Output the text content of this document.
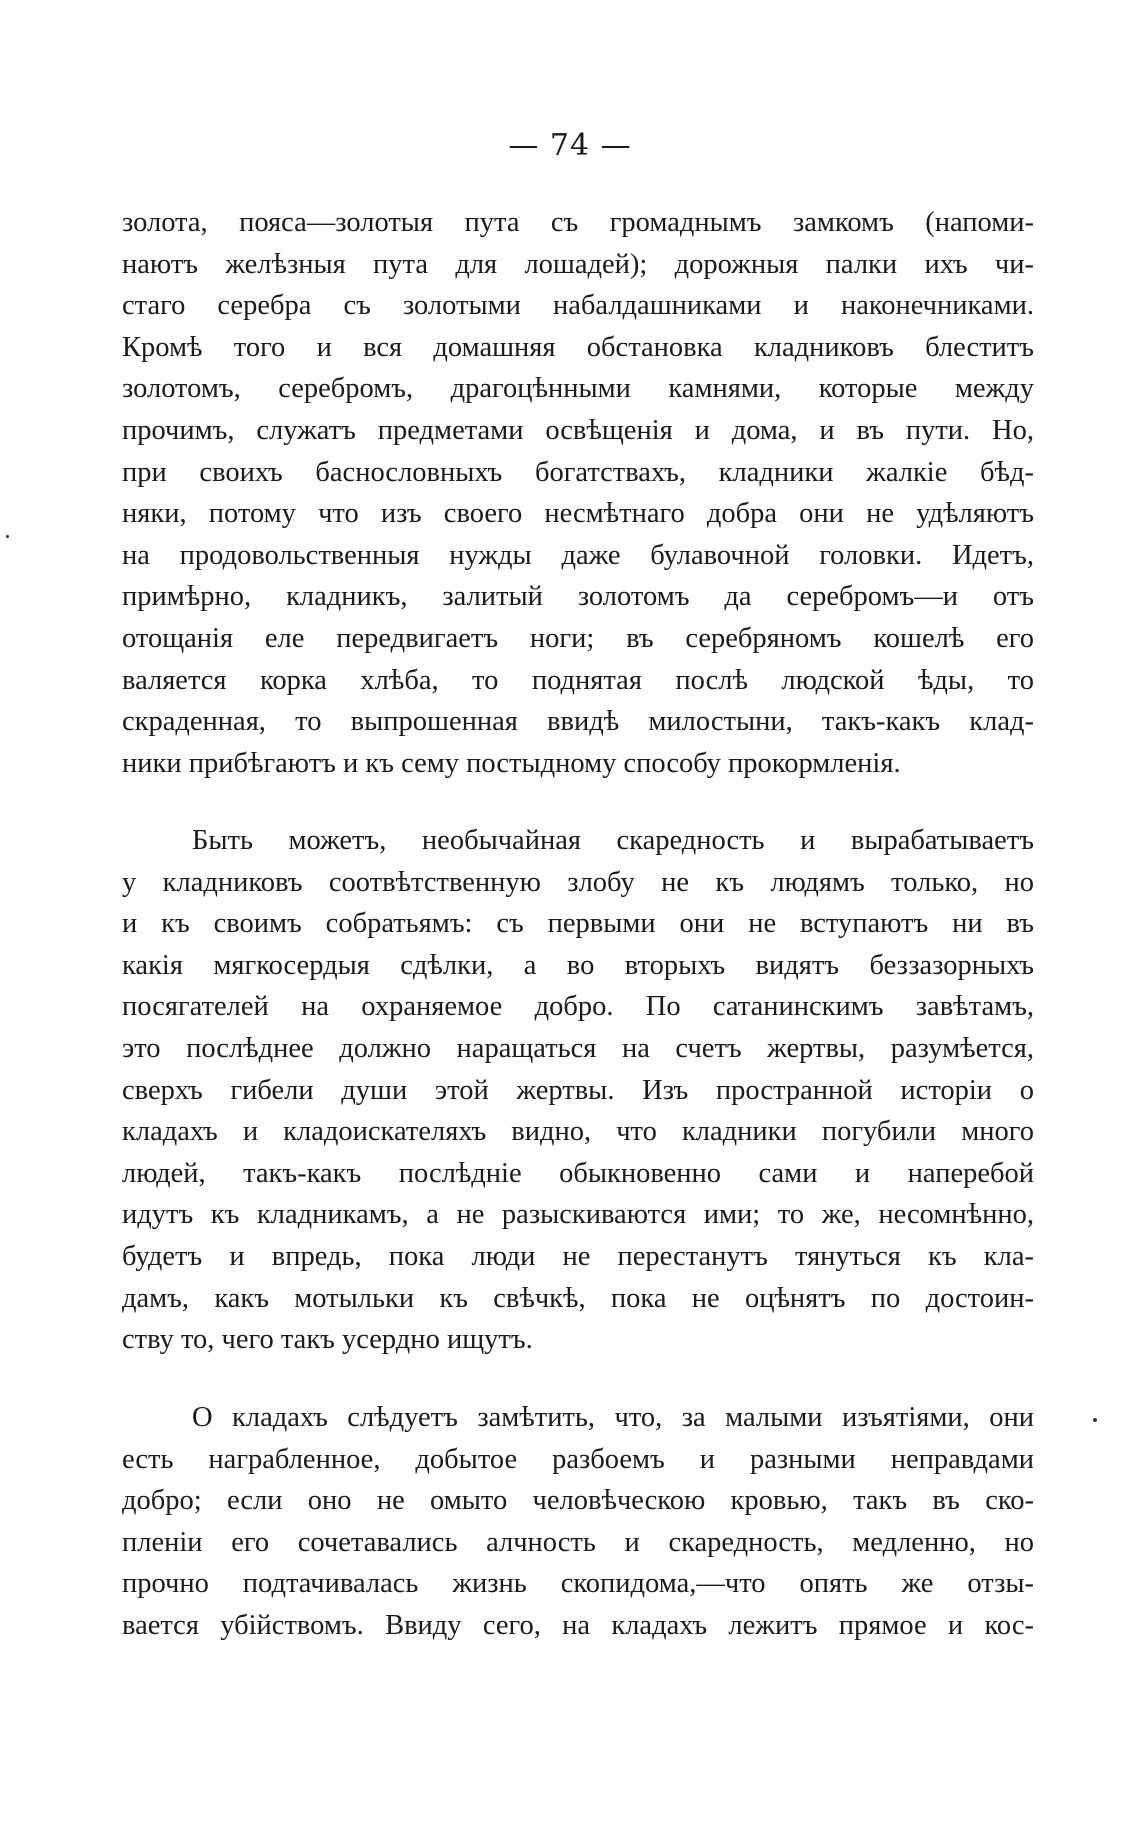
— 74 —
золота, пояса—золотыя пута съ громаднымъ замкомъ (напоми-
наютъ желѣзныя пута для лошадей); дорожныя палки ихъ чи-
стаго серебра съ золотыми набалдашниками и наконечниками.
Кромѣ того и вся домашняя обстановка кладниковъ блеститъ
золотомъ, серебромъ, драгоцѣнными камнями, которые между
прочимъ, служатъ предметами освѣщенія и дома, и въ пути. Но,
при своихъ баснословныхъ богатствахъ, кладники жалкіе бѣд-
няки, потому что изъ своего несмѣтнаго добра они не удѣляютъ
на продовольственныя нужды даже булавочной головки. Идетъ,
примѣрно, кладникъ, залитый золотомъ да серебромъ—и отъ
отощанія еле передвигаетъ ноги; въ серебряномъ кошелѣ его
валяется корка хлѣба, то поднятая послѣ людской ѣды, то
скраденная, то выпрошенная ввидѣ милостыни, такъ-какъ клад-
ники прибѣгаютъ и къ сему постыдному способу прокормленія.
Быть можетъ, необычайная скаредность и вырабатываетъ
у кладниковъ соотвѣтственную злобу не къ людямъ только, но
и къ своимъ собратьямъ: съ первыми они не вступаютъ ни въ
какія мягкосердыя сдѣлки, а во вторыхъ видятъ беззазорныхъ
посягателей на охраняемое добро. По сатанинскимъ завѣтамъ,
это послѣднее должно наращаться на счетъ жертвы, разумѣется,
сверхъ гибели души этой жертвы. Изъ пространной исторіи о
кладахъ и кладоискателяхъ видно, что кладники погубили много
людей, такъ-какъ послѣдніе обыкновенно сами и наперебой
идутъ къ кладникамъ, а не разыскиваются ими; то же, несомнѣнно,
будетъ и впредь, пока люди не перестанутъ тянуться къ кла-
дамъ, какъ мотыльки къ свѣчкѣ, пока не оцѣнятъ по достоин-
ству то, чего такъ усердно ищутъ.
О кладахъ слѣдуетъ замѣтить, что, за малыми изъятіями, они
есть награбленное, добытое разбоемъ и разными неправдами
добро; если оно не омыто человѣческою кровью, такъ въ ско-
пленіи его сочетавались алчность и скаредность, медленно, но
прочно подтачивалась жизнь скопидома,—что опять же отзы-
вается убійствомъ. Ввиду сего, на кладахъ лежитъ прямое и кос-
